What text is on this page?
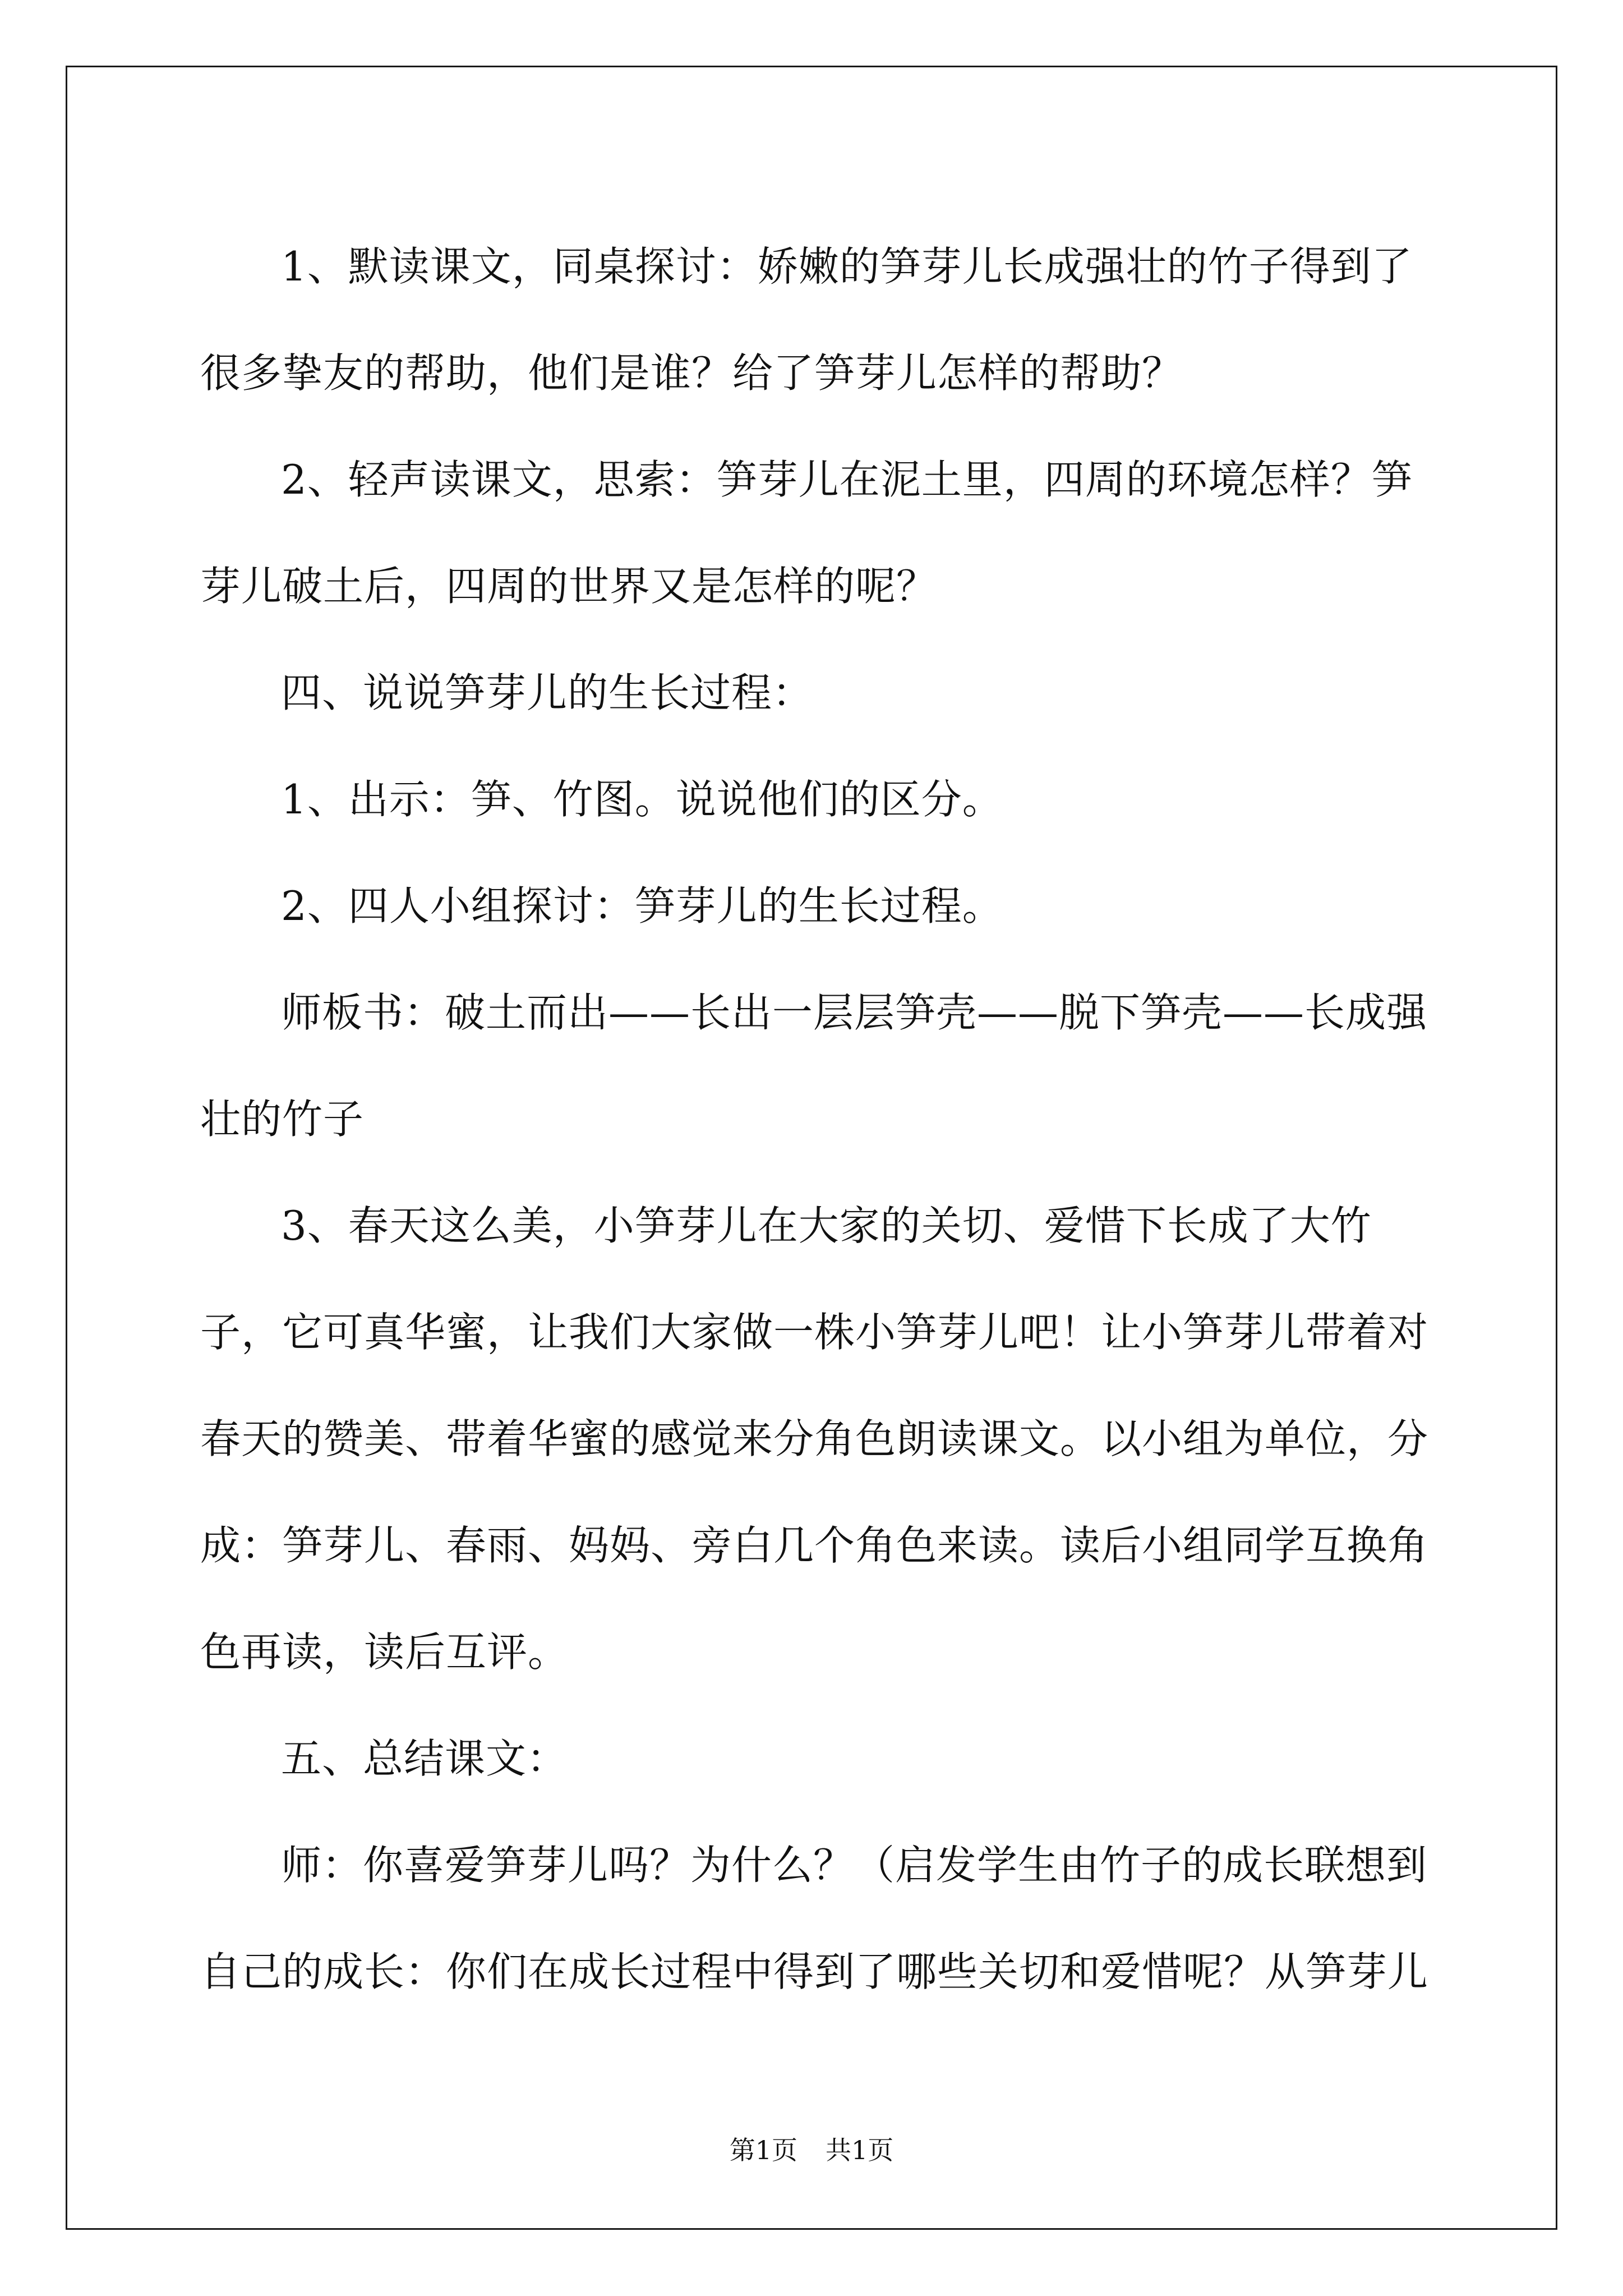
1、默读课文，同桌探讨：娇嫩的笋芽儿长成强壮的竹子得到了很多挚友的帮助，他们是谁？给了笋芽儿怎样的帮助？

2、轻声读课文，思索：笋芽儿在泥土里，四周的环境怎样？笋芽儿破土后，四周的世界又是怎样的呢？

四、说说笋芽儿的生长过程：

1、出示：笋、竹图。说说他们的区分。

2、四人小组探讨：笋芽儿的生长过程。

师板书：破土而出——长出一层层笋壳——脱下笋壳——长成强壮的竹子

3、春天这么美，小笋芽儿在大家的关切、爱惜下长成了大竹子，它可真华蜜，让我们大家做一株小笋芽儿吧！让小笋芽儿带着对春天的赞美、带着华蜜的感觉来分角色朗读课文。以小组为单位，分成：笋芽儿、春雨、妈妈、旁白几个角色来读。读后小组同学互换角色再读，读后互评。

五、总结课文：

师：你喜爱笋芽儿吗？为什么？（启发学生由竹子的成长联想到自己的成长：你们在成长过程中得到了哪些关切和爱惜呢？从笋芽儿

第1页 共1页
